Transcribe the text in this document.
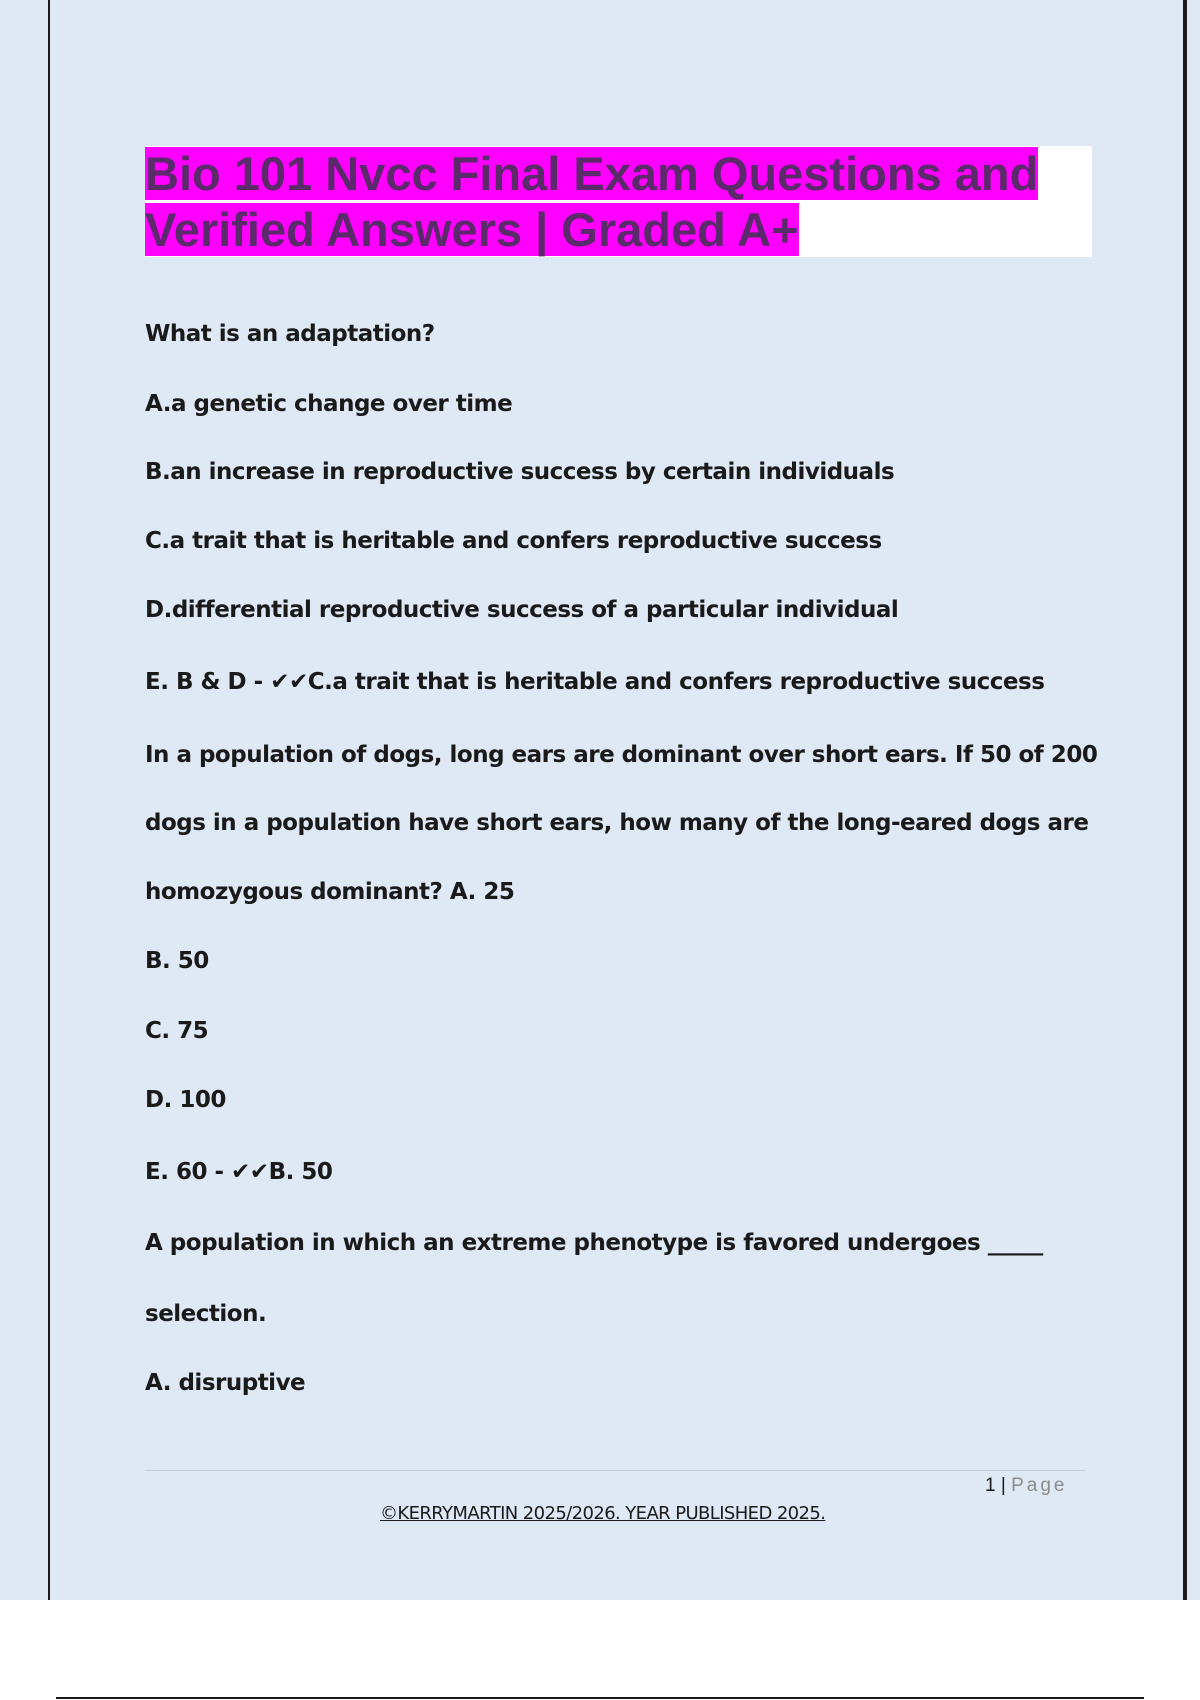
Bio 101 Nvcc Final Exam Questions and
Verified Answers | Graded A+
What is an adaptation?
A.a genetic change over time
B.an increase in reproductive success by certain individuals
C.a trait that is heritable and confers reproductive success
D.differential reproductive success of a particular individual
E. B & D - ✔✔C.a trait that is heritable and confers reproductive success
In a population of dogs, long ears are dominant over short ears. If 50 of 200
dogs in a population have short ears, how many of the long-eared dogs are
homozygous dominant? A. 25
B. 50
C. 75
D. 100
E. 60 - ✔✔B. 50
A population in which an extreme phenotype is favored undergoes _____
selection.
A. disruptive
1 | Page
©KERRYMARTIN 2025/2026. YEAR PUBLISHED 2025.
